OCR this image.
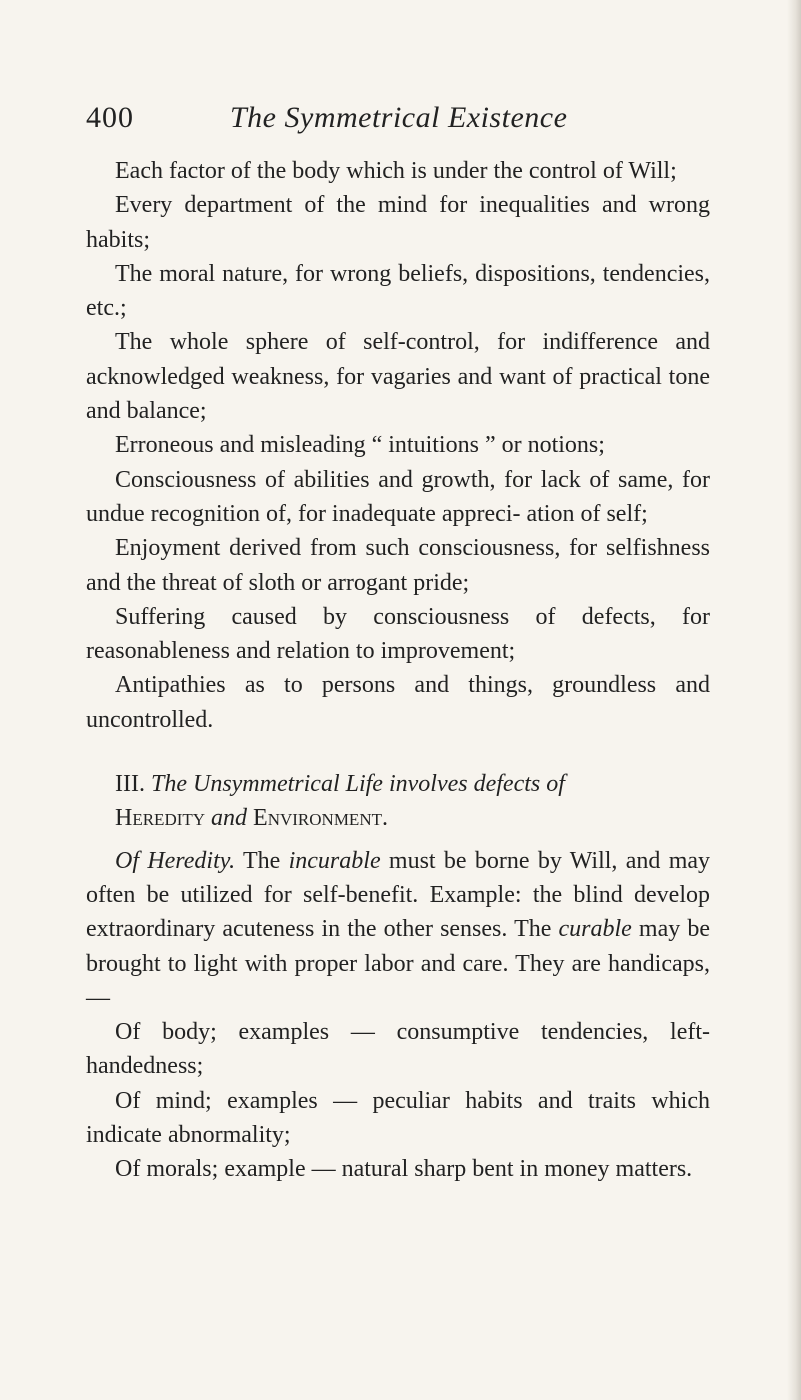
400	The Symmetrical Existence

Each factor of the body which is under the control of Will;

Every department of the mind for inequalities and wrong habits;

The moral nature, for wrong beliefs, dispositions, tendencies, etc.;

The whole sphere of self-control, for indifference and acknowledged weakness, for vagaries and want of practical tone and balance;

Erroneous and misleading “ intuitions ” or notions;

Consciousness of abilities and growth, for lack of same, for undue recognition of, for inadequate appreci- ation of self;

Enjoyment derived from such consciousness, for selfishness and the threat of sloth or arrogant pride;

Suffering caused by consciousness of defects, for reasonableness and relation to improvement;

Antipathies as to persons and things, groundless and uncontrolled.

III. The Unsymmetrical Life involves defects of
Heredity and Environment.

Of Heredity. The incurable must be borne by Will, and may often be utilized for self-benefit. Example: the blind develop extraordinary acuteness in the other senses. The curable may be brought to light with proper labor and care. They are handicaps,—

Of body; examples — consumptive tendencies, left- handedness;

Of mind; examples — peculiar habits and traits which indicate abnormality;

Of morals; example — natural sharp bent in money matters.
